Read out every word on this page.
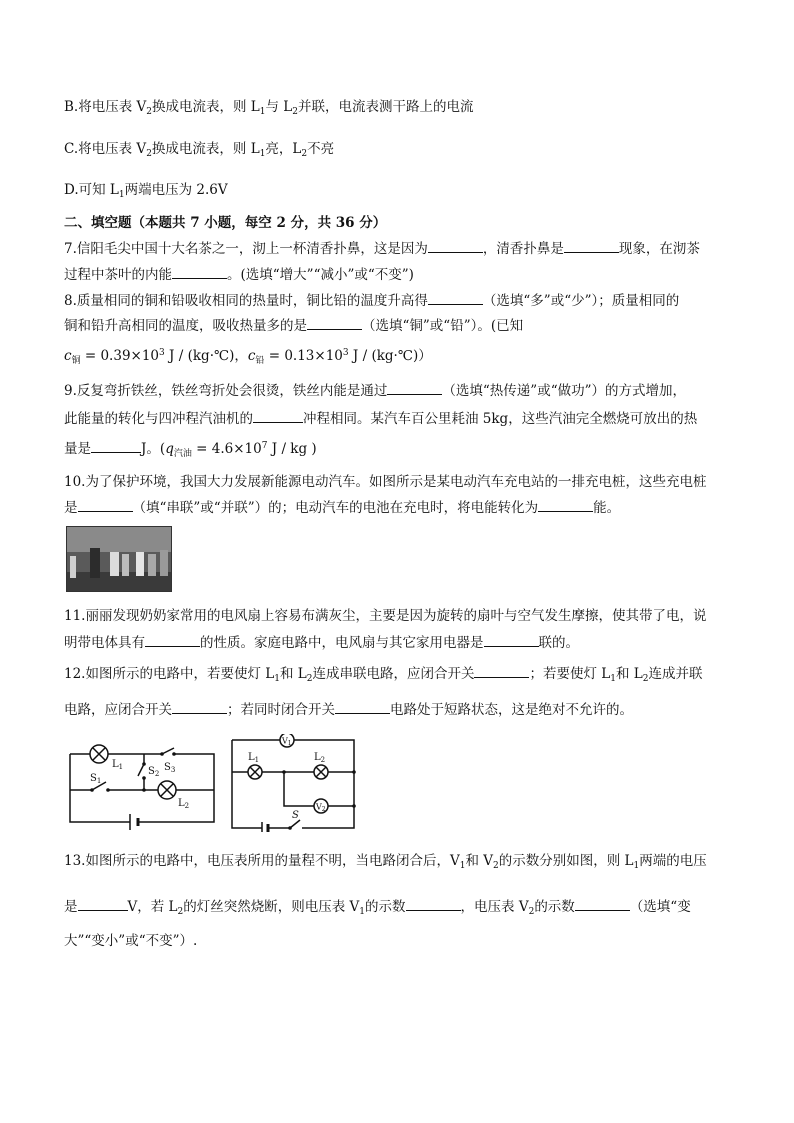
B.将电压表 $V_2$换成电流表，则 $L_1$与 $L_2$并联，电流表测干路上的电流
C.将电压表 $V_2$换成电流表，则 $L_1$亮，$L_2$不亮
D.可知 $L_1$两端电压为 2.6V
二、填空题（本题共 7 小题，每空 2 分，共 36 分）
7.信阳毛尖中国十大名茶之一，沏上一杯清香扑鼻，这是因为	，清香扑鼻是	现象，在沏茶
过程中茶叶的内能	。(选填“增大”“减小”或“不变”)
8.质量相同的铜和铅吸收相同的热量时，铜比铅的温度升高得	（选填“多”或“少”）；质量相同的
铜和铅升高相同的温度，吸收热量多的是	（选填“铜”或“铅”）。(已知
$c_铜 = 0.39\times 10^3$ J / (kg·℃)，$c_铅 = 0.13\times 10^3$ J / (kg·℃)）
9.反复弯折铁丝，铁丝弯折处会很烫，铁丝内能是通过	（选填“热传递”或“做功”）的方式增加，
此能量的转化与四冲程汽油机的	冲程相同。某汽车百公里耗油 5kg，这些汽油完全燃烧可放出的热
量是	J。($q_{汽油} = 4.6\times 10^7$ J / kg )
10.为了保护环境，我国大力发展新能源电动汽车。如图所示是某电动汽车充电站的一排充电桩，这些充电桩
是	（填“串联”或“并联”）的；电动汽车的电池在充电时，将电能转化为	能。
11.丽丽发现奶奶家常用的电风扇上容易布满灰尘，主要是因为旋转的扇叶与空气发生摩擦，使其带了电，说
明带电体具有	的性质。家庭电路中，电风扇与其它家用电器是	联的。
12.如图所示的电路中，若要使灯 $L_1$和 $L_2$连成串联电路，应闭合开关	；若要使灯 $L_1$和 $L_2$连成并联
电路，应闭合开关	；若同时闭合开关	电路处于短路状态，这是绝对不允许的。
$L_1$
$S_1$
$S_2$
$S_3$
$L_2$
V1
V2
$L_1$	$L_2$
S
13.如图所示的电路中，电压表所用的量程不明，当电路闭合后，$V_1$和 $V_2$的示数分别如图，则 $L_1$两端的电压
是	V，若 $L_2$的灯丝突然烧断，则电压表 $V_1$的示数	，电压表 $V_2$的示数	（选填“变
大”“变小”或“不变”）.
